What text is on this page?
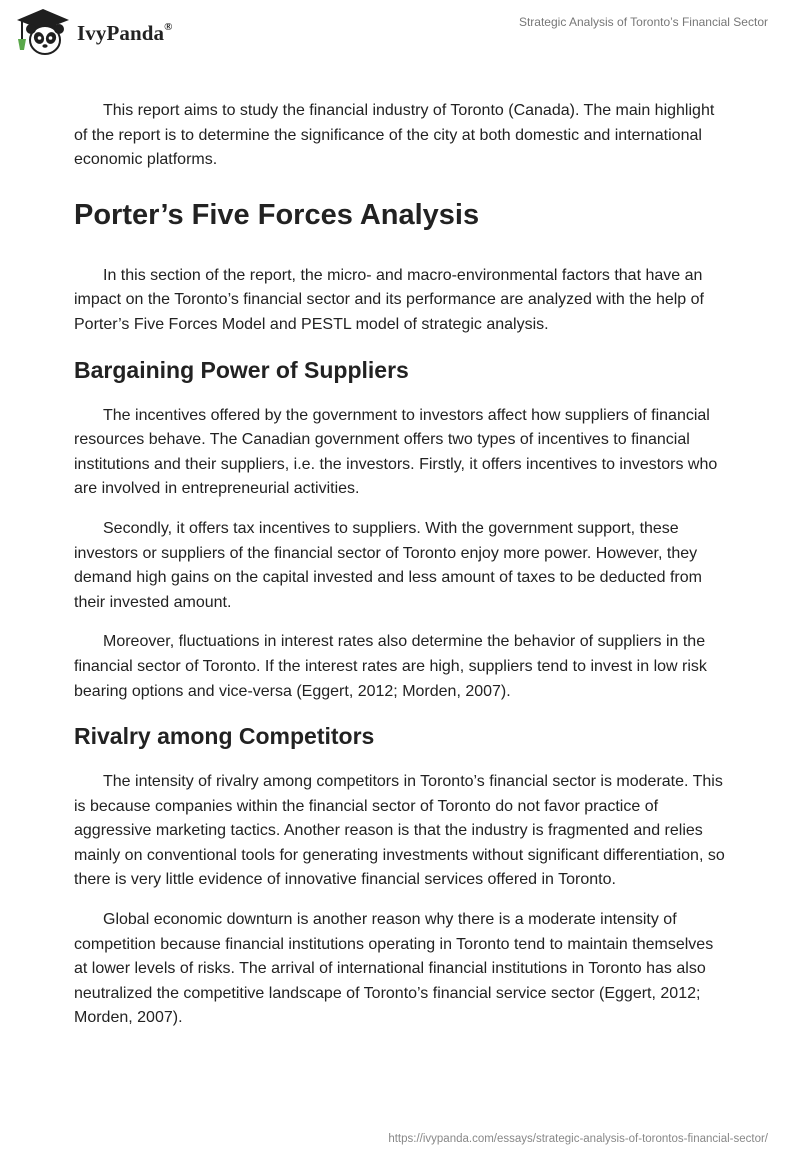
IvyPanda®	Strategic Analysis of Toronto’s Financial Sector

This report aims to study the financial industry of Toronto (Canada). The main highlight of the report is to determine the significance of the city at both domestic and international economic platforms.

Porter’s Five Forces Analysis

In this section of the report, the micro- and macro-environmental factors that have an impact on the Toronto’s financial sector and its performance are analyzed with the help of Porter’s Five Forces Model and PESTL model of strategic analysis.

Bargaining Power of Suppliers

The incentives offered by the government to investors affect how suppliers of financial resources behave. The Canadian government offers two types of incentives to financial institutions and their suppliers, i.e. the investors. Firstly, it offers incentives to investors who are involved in entrepreneurial activities.

Secondly, it offers tax incentives to suppliers. With the government support, these investors or suppliers of the financial sector of Toronto enjoy more power. However, they demand high gains on the capital invested and less amount of taxes to be deducted from their invested amount.

Moreover, fluctuations in interest rates also determine the behavior of suppliers in the financial sector of Toronto. If the interest rates are high, suppliers tend to invest in low risk bearing options and vice-versa (Eggert, 2012; Morden, 2007).

Rivalry among Competitors

The intensity of rivalry among competitors in Toronto’s financial sector is moderate. This is because companies within the financial sector of Toronto do not favor practice of aggressive marketing tactics. Another reason is that the industry is fragmented and relies mainly on conventional tools for generating investments without significant differentiation, so there is very little evidence of innovative financial services offered in Toronto.

Global economic downturn is another reason why there is a moderate intensity of competition because financial institutions operating in Toronto tend to maintain themselves at lower levels of risks. The arrival of international financial institutions in Toronto has also neutralized the competitive landscape of Toronto’s financial service sector (Eggert, 2012; Morden, 2007).

https://ivypanda.com/essays/strategic-analysis-of-torontos-financial-sector/
